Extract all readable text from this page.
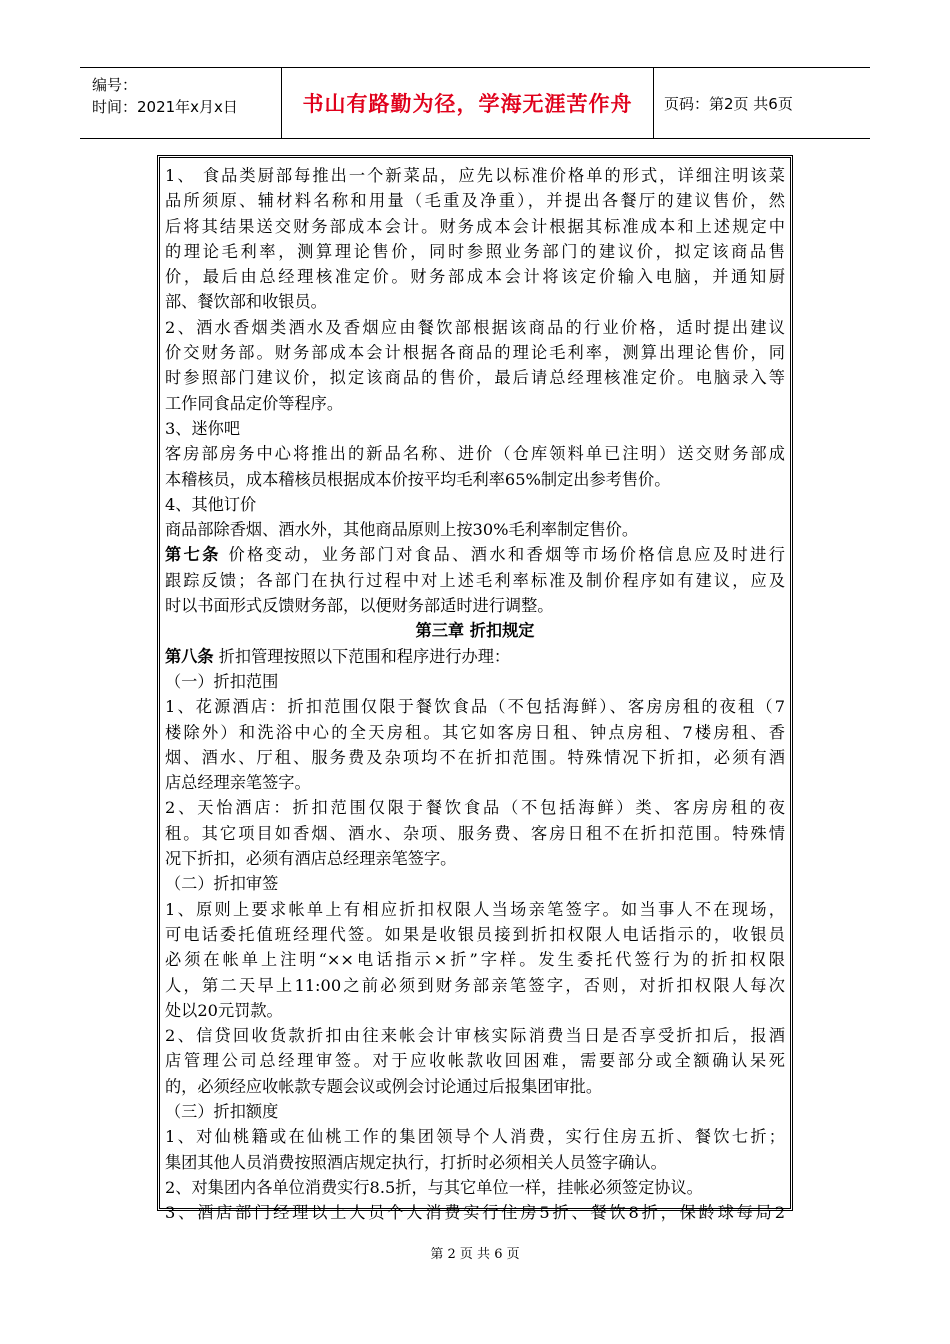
编号：
时间：2021年x月x日	书山有路勤为径，学海无涯苦作舟	页码：第2页 共6页
1、 食品类厨部每推出一个新菜品，应先以标准价格单的形式，详细注明该菜
品所须原、辅材料名称和用量（毛重及净重），并提出各餐厅的建议售价，然
后将其结果送交财务部成本会计。财务成本会计根据其标准成本和上述规定中
的理论毛利率，测算理论售价，同时参照业务部门的建议价，拟定该商品售
价，最后由总经理核准定价。财务部成本会计将该定价输入电脑，并通知厨
部、餐饮部和收银员。
2、酒水香烟类酒水及香烟应由餐饮部根据该商品的行业价格，适时提出建议
价交财务部。财务部成本会计根据各商品的理论毛利率，测算出理论售价，同
时参照部门建议价，拟定该商品的售价，最后请总经理核准定价。电脑录入等
工作同食品定价等程序。
3、迷你吧
客房部房务中心将推出的新品名称、进价（仓库领料单已注明）送交财务部成
本稽核员，成本稽核员根据成本价按平均毛利率65%制定出参考售价。
4、其他订价
商品部除香烟、酒水外，其他商品原则上按30%毛利率制定售价。
第七条 价格变动，业务部门对食品、酒水和香烟等市场价格信息应及时进行
跟踪反馈；各部门在执行过程中对上述毛利率标准及制价程序如有建议，应及
时以书面形式反馈财务部，以便财务部适时进行调整。
第三章 折扣规定
第八条 折扣管理按照以下范围和程序进行办理：
（一）折扣范围
1、花源酒店：折扣范围仅限于餐饮食品（不包括海鲜）、客房房租的夜租（7
楼除外）和洗浴中心的全天房租。其它如客房日租、钟点房租、7楼房租、香
烟、酒水、厅租、服务费及杂项均不在折扣范围。特殊情况下折扣，必须有酒
店总经理亲笔签字。
2、天怡酒店：折扣范围仅限于餐饮食品（不包括海鲜）类、客房房租的夜
租。其它项目如香烟、酒水、杂项、服务费、客房日租不在折扣范围。特殊情
况下折扣，必须有酒店总经理亲笔签字。
（二）折扣审签
1、原则上要求帐单上有相应折扣权限人当场亲笔签字。如当事人不在现场，
可电话委托值班经理代签。如果是收银员接到折扣权限人电话指示的，收银员
必须在帐单上注明“××电话指示×折”字样。发生委托代签行为的折扣权限
人，第二天早上11:00之前必须到财务部亲笔签字，否则，对折扣权限人每次
处以20元罚款。
2、信贷回收货款折扣由往来帐会计审核实际消费当日是否享受折扣后，报酒
店管理公司总经理审签。对于应收帐款收回困难，需要部分或全额确认呆死
的，必须经应收帐款专题会议或例会讨论通过后报集团审批。
（三）折扣额度
1、对仙桃籍或在仙桃工作的集团领导个人消费，实行住房五折、餐饮七折；
集团其他人员消费按照酒店规定执行，打折时必须相关人员签字确认。
2、对集团内各单位消费实行8.5折，与其它单位一样，挂帐必须签定协议。
3、酒店部门经理以上人员个人消费实行住房5折、餐饮8折，保龄球每局2
第 2 页 共 6 页
